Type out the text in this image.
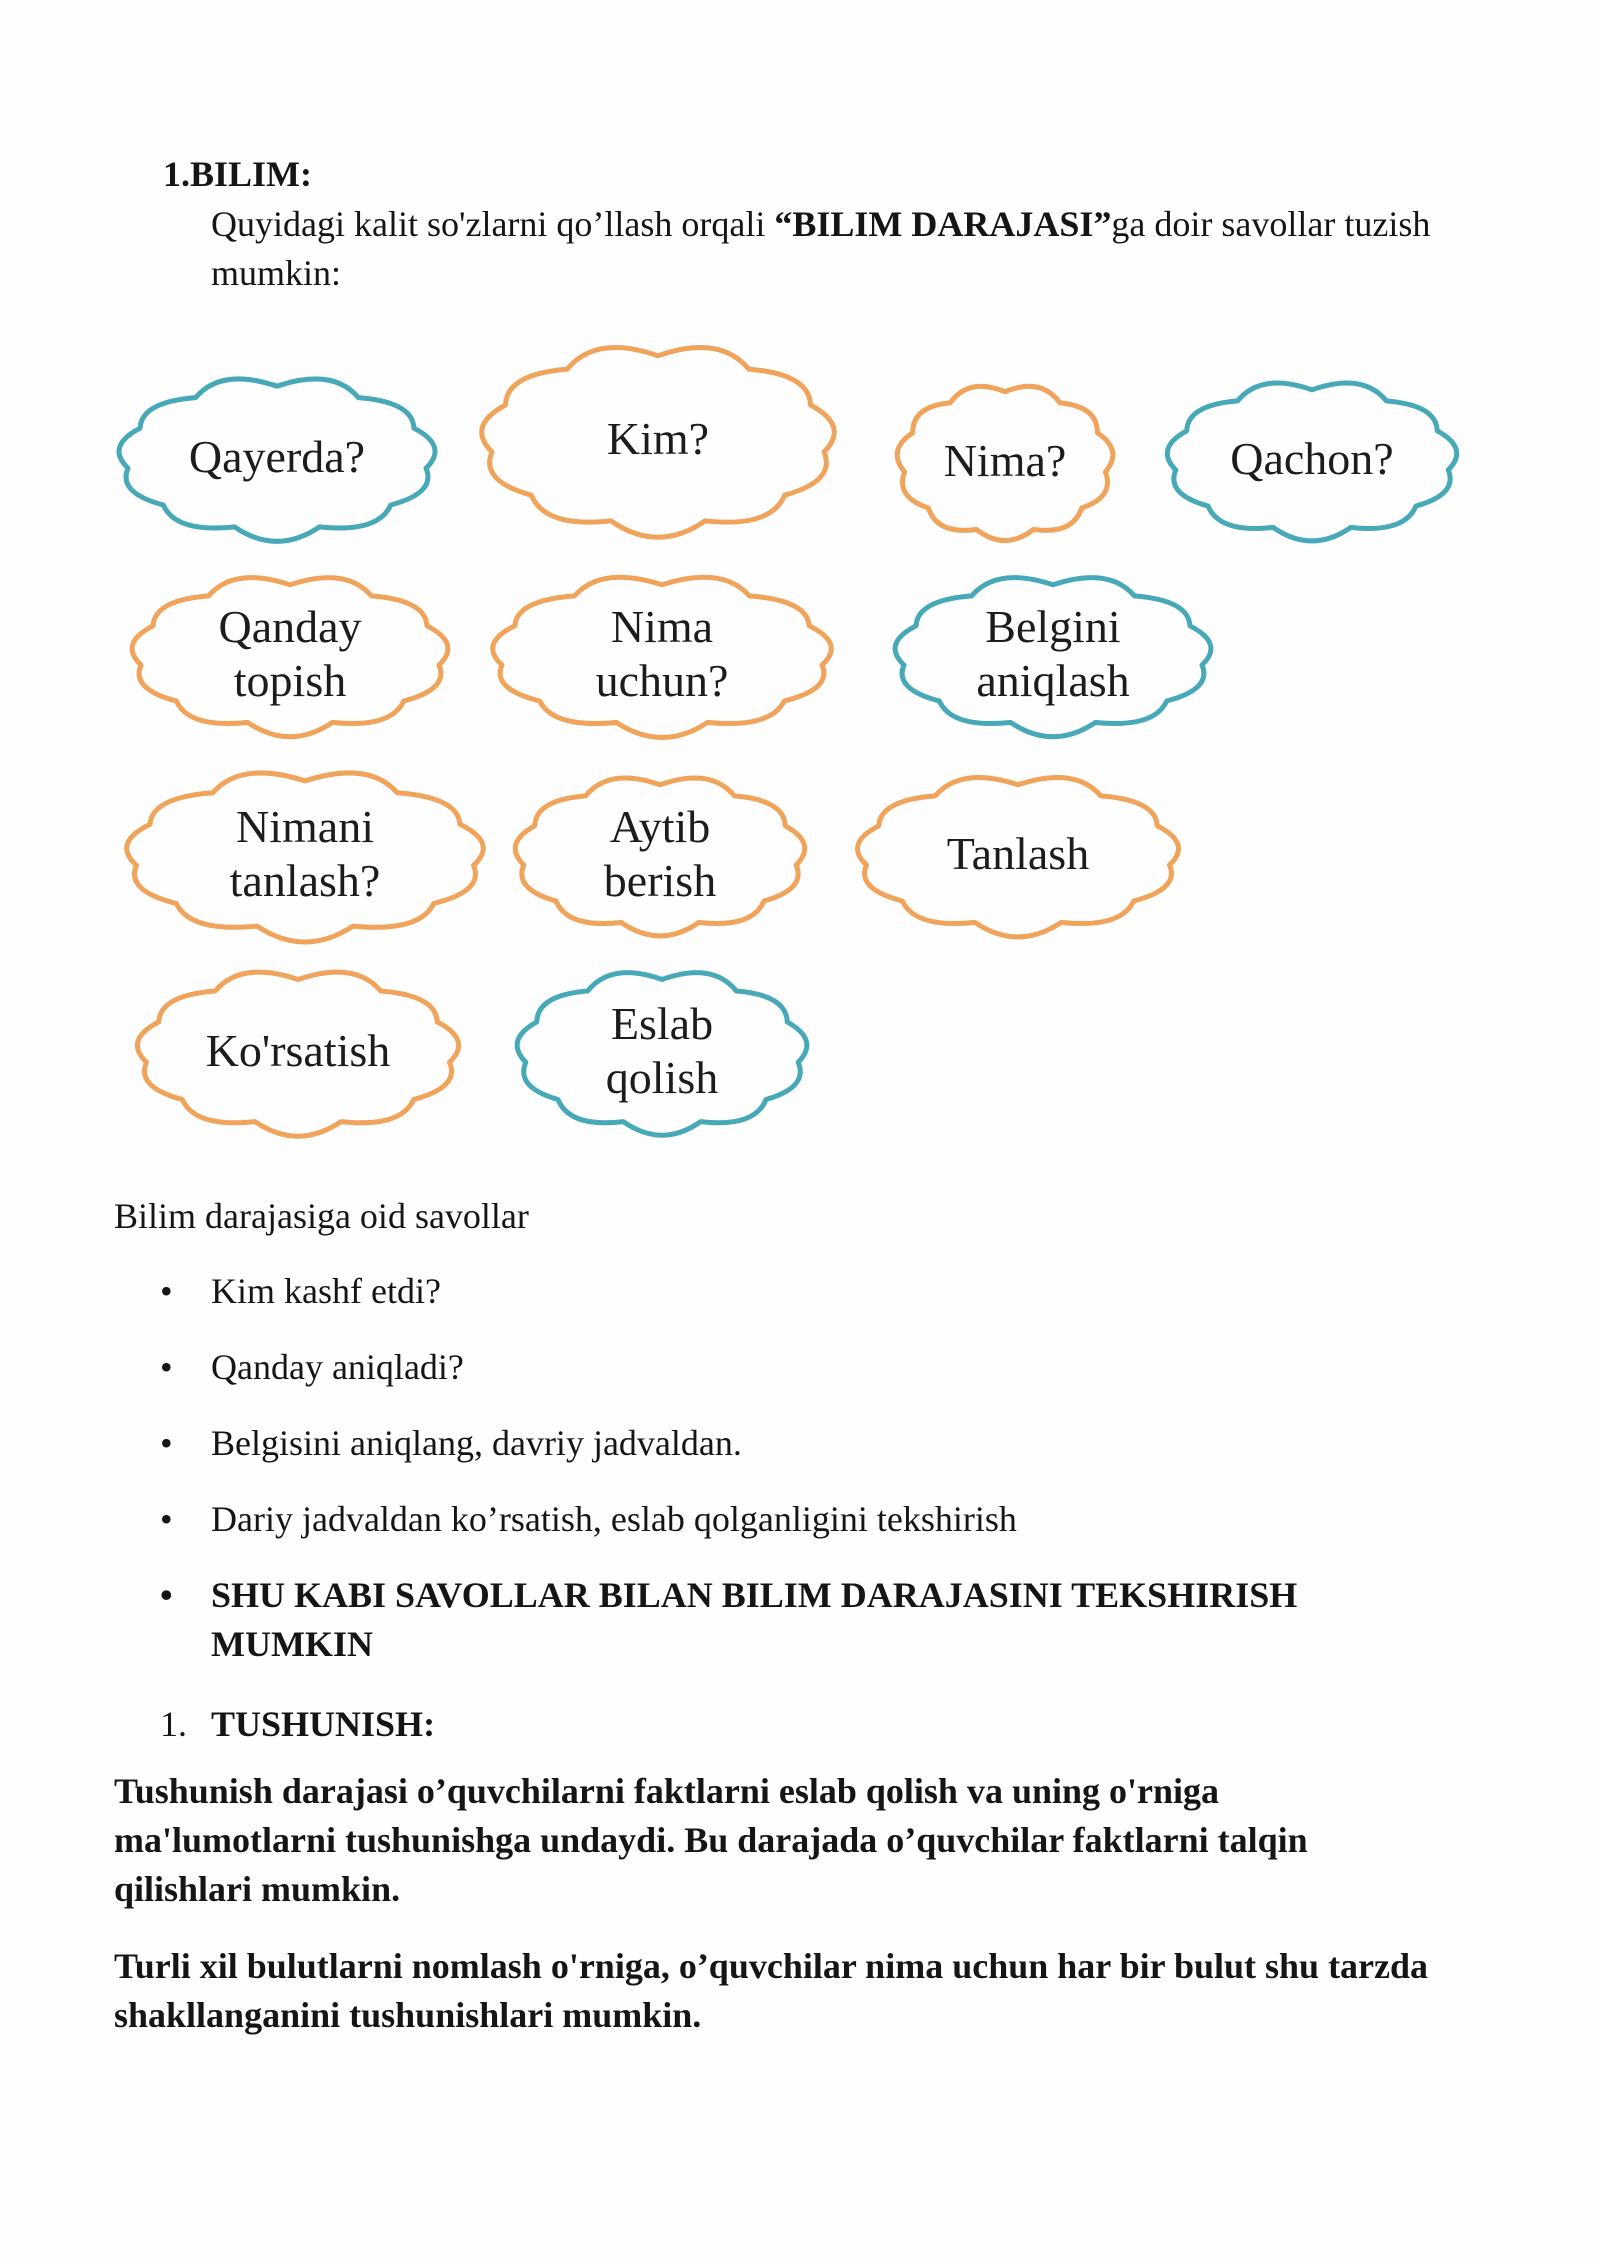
1.BILIM:

Quyidagi kalit so'zlarni qo’llash orqali “BILIM DARAJASI”ga doir savollar tuzish mumkin:

Qayerda?	Kim?	Nima?	Qachon?
Qanday
topish
Nima
uchun?
Belgini
aniqlash
Nimani
tanlash?
Aytib
berish
Tanlash
Ko'rsatish
Eslab
qolish
Bilim darajasiga oid savollar
•	Kim kashf etdi?
•	Qanday aniqladi?
•	Belgisini aniqlang, davriy jadvaldan.
•	Dariy jadvaldan ko’rsatish, eslab qolganligini tekshirish
•	SHU KABI SAVOLLAR BILAN BILIM DARAJASINI TEKSHIRISH
MUMKIN
1. TUSHUNISH:

Tushunish darajasi o’quvchilarni faktlarni eslab qolish va uning o'rniga ma'lumotlarni tushunishga undaydi. Bu darajada o’quvchilar faktlarni talqin qilishlari mumkin.

Turli xil bulutlarni nomlash o'rniga, o’quvchilar nima uchun har bir bulut shu tarzda shakllanganini tushunishlari mumkin.
